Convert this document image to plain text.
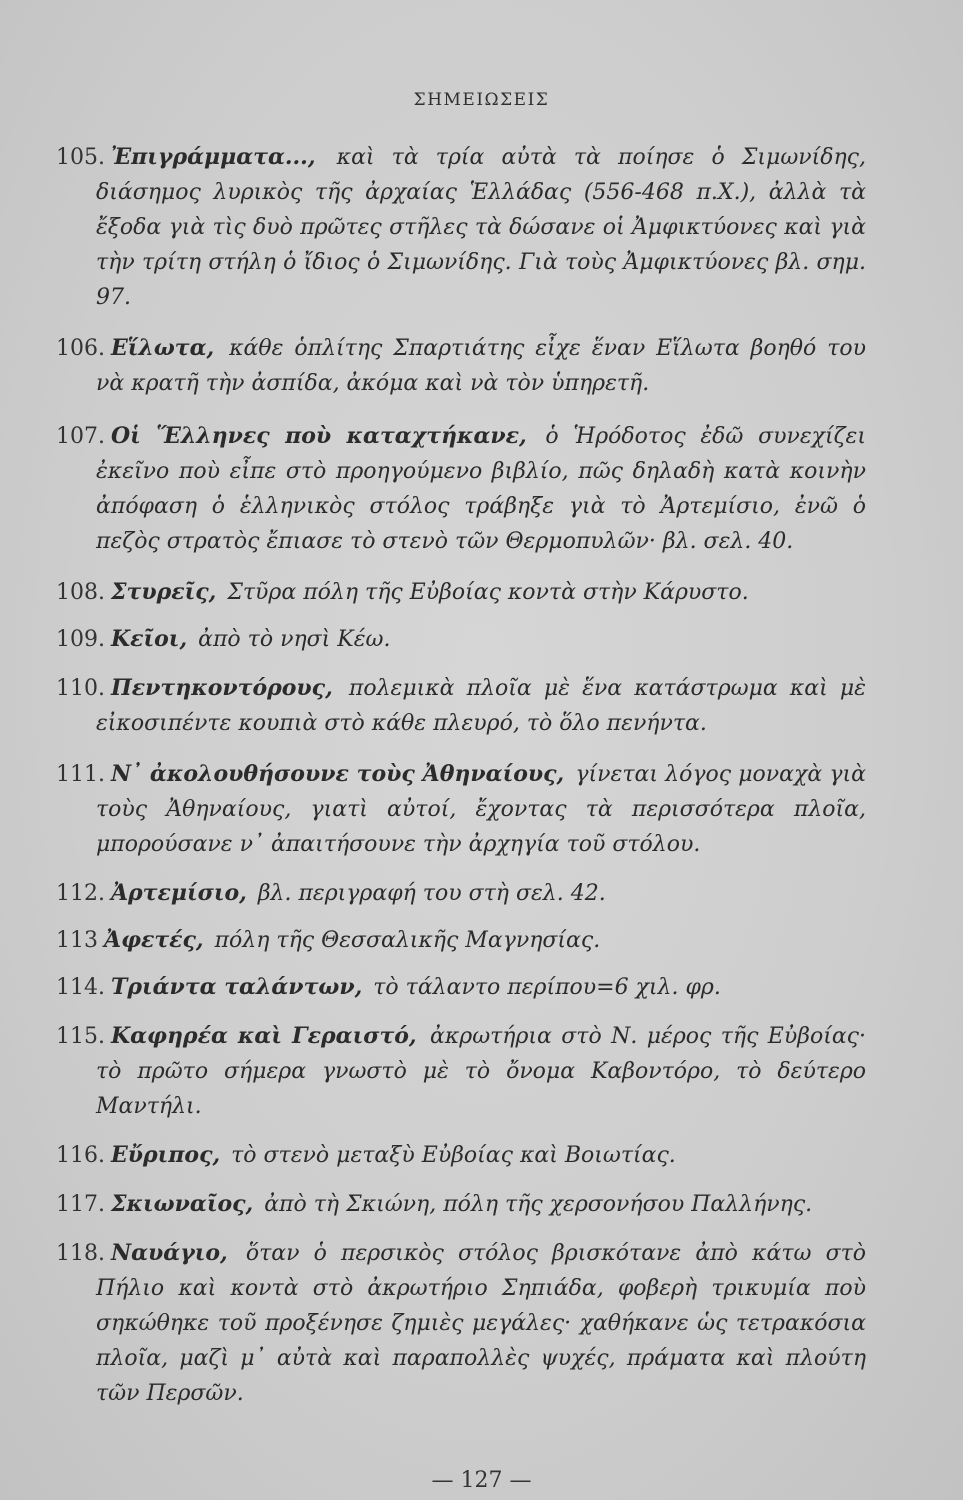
ΣΗΜΕΙΩΣΕΙΣ

105. Ἐπιγράμματα..., καὶ τὰ τρία αὐτὰ τὰ ποίησε ὁ Σιμωνίδης, διάσημος λυρικὸς τῆς ἀρχαίας Ἑλλάδας (556-468 π.Χ.), ἀλλὰ τὰ ἔξοδα γιὰ τὶς δυὸ πρῶτες στῆλες τὰ δώσανε οἱ Ἀμφικτύονες καὶ γιὰ τὴν τρίτη στήλη ὁ ἴδιος ὁ Σιμωνίδης. Γιὰ τοὺς Ἀμφικτύονες βλ. σημ. 97.

106. Εἵλωτα, κάθε ὁπλίτης Σπαρτιάτης εἶχε ἕναν Εἵλωτα βοηθό του νὰ κρατῆ τὴν ἀσπίδα, ἀκόμα καὶ νὰ τὸν ὑπηρετῆ.

107. Οἱ Ἕλληνες ποὺ καταχτήκανε, ὁ Ἡρόδοτος ἐδῶ συνεχίζει ἐκεῖνο ποὺ εἶπε στὸ προηγούμενο βιβλίο, πῶς δηλαδὴ κατὰ κοινὴν ἀπόφαση ὁ ἑλληνικὸς στόλος τράβηξε γιὰ τὸ Ἀρτεμίσιο, ἐνῶ ὁ πεζὸς στρατὸς ἔπιασε τὸ στενὸ τῶν Θερμοπυλῶν· βλ. σελ. 40.

108. Στυρεῖς, Στῦρα πόλη τῆς Εὐβοίας κοντὰ στὴν Κάρυστο.

109. Κεῖοι, ἀπὸ τὸ νησὶ Κέω.

110. Πεντηκοντόρους, πολεμικὰ πλοῖα μὲ ἕνα κατάστρωμα καὶ μὲ εἰκοσιπέντε κουπιὰ στὸ κάθε πλευρό, τὸ ὅλο πενήντα.

111. Ν᾿ ἀκολουθήσουνε τοὺς Ἀθηναίους, γίνεται λόγος μοναχὰ γιὰ τοὺς Ἀθηναίους, γιατὶ αὐτοί, ἔχοντας τὰ περισσότερα πλοῖα, μπορούσανε ν᾿ ἀπαιτήσουνε τὴν ἀρχηγία τοῦ στόλου.

112. Ἀρτεμίσιο, βλ. περιγραφή του στὴ σελ. 42.

113 Ἀφετές, πόλη τῆς Θεσσαλικῆς Μαγνησίας.

114. Τριάντα ταλάντων, τὸ τάλαντο περίπου=6 χιλ. φρ.

115. Καφηρέα καὶ Γεραιστό, ἀκρωτήρια στὸ Ν. μέρος τῆς Εὐβοίας· τὸ πρῶτο σήμερα γνωστὸ μὲ τὸ ὄνομα Καβοντόρο, τὸ δεύτερο Μαντήλι.

116. Εὔριπος, τὸ στενὸ μεταξὺ Εὐβοίας καὶ Βοιωτίας.

117. Σκιωναῖος, ἀπὸ τὴ Σκιώνη, πόλη τῆς χερσονήσου Παλλήνης.

118. Ναυάγιο, ὅταν ὁ περσικὸς στόλος βρισκότανε ἀπὸ κάτω στὸ Πήλιο καὶ κοντὰ στὸ ἀκρωτήριο Σηπιάδα, φοβερὴ τρικυμία ποὺ σηκώθηκε τοῦ προξένησε ζημιὲς μεγάλες· χαθήκανε ὡς τετρακόσια πλοῖα, μαζὶ μ᾿ αὐτὰ καὶ παραπολλὲς ψυχές, πράματα καὶ πλούτη τῶν Περσῶν.

— 127 —
